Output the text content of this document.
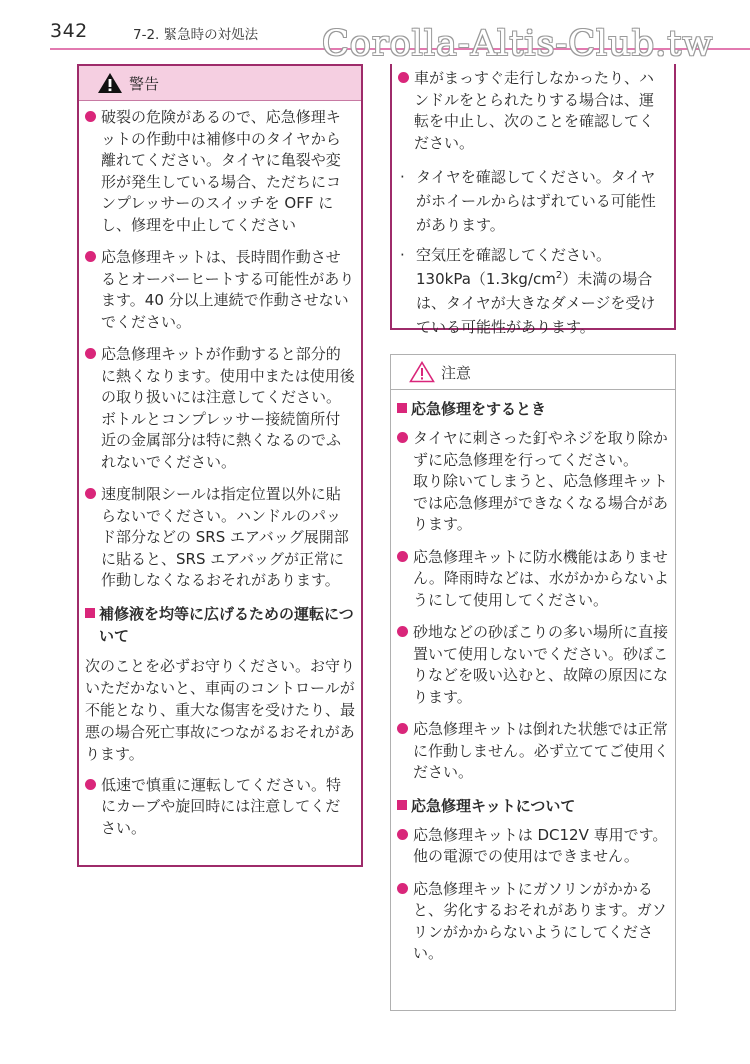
342	7-2. 緊急時の対処法 Corolla-Altis-Club.tw
警告
破裂の危険があるので、応急修理キットの作動中は補修中のタイヤから離れてください。タイヤに亀裂や変形が発生している場合、ただちにコンプレッサーのスイッチを OFF にし、修理を中止してください
応急修理キットは、長時間作動させるとオーバーヒートする可能性があります。40 分以上連続で作動させないでください。
応急修理キットが作動すると部分的に熱くなります。使用中または使用後の取り扱いには注意してください。ボトルとコンプレッサー接続箇所付近の金属部分は特に熱くなるのでふれないでください。
速度制限シールは指定位置以外に貼らないでください。ハンドルのパッド部分などの SRS エアバッグ展開部に貼ると、SRS エアバッグが正常に作動しなくなるおそれがあります。
補修液を均等に広げるための運転について
次のことを必ずお守りください。お守りいただかないと、車両のコントロールが不能となり、重大な傷害を受けたり、最悪の場合死亡事故につながるおそれがあります。
低速で慎重に運転してください。特にカーブや旋回時には注意してください。
車がまっすぐ走行しなかったり、ハンドルをとられたりする場合は、運転を中止し、次のことを確認してください。
· タイヤを確認してください。タイヤがホイールからはずれている可能性があります。
· 空気圧を確認してください。
$130kPa(1.3kg/cm^2)$未満の場合は、タイヤが大きなダメージを受けている可能性があります。
注意
応急修理をするとき
タイヤに刺さった釘やネジを取り除かずに応急修理を行ってください。
取り除いてしまうと、応急修理キットでは応急修理ができなくなる場合があります。
応急修理キットに防水機能はありません。降雨時などは、水がかからないようにして使用してください。
砂地などの砂ぼこりの多い場所に直接置いて使用しないでください。砂ぼこりなどを吸い込むと、故障の原因になります。
応急修理キットは倒れた状態では正常に作動しません。必ず立ててご使用ください。
応急修理キットについて
応急修理キットは DC12V 専用です。他の電源での使用はできません。
応急修理キットにガソリンがかかると、劣化するおそれがあります。ガソリンがかからないようにしてください。
